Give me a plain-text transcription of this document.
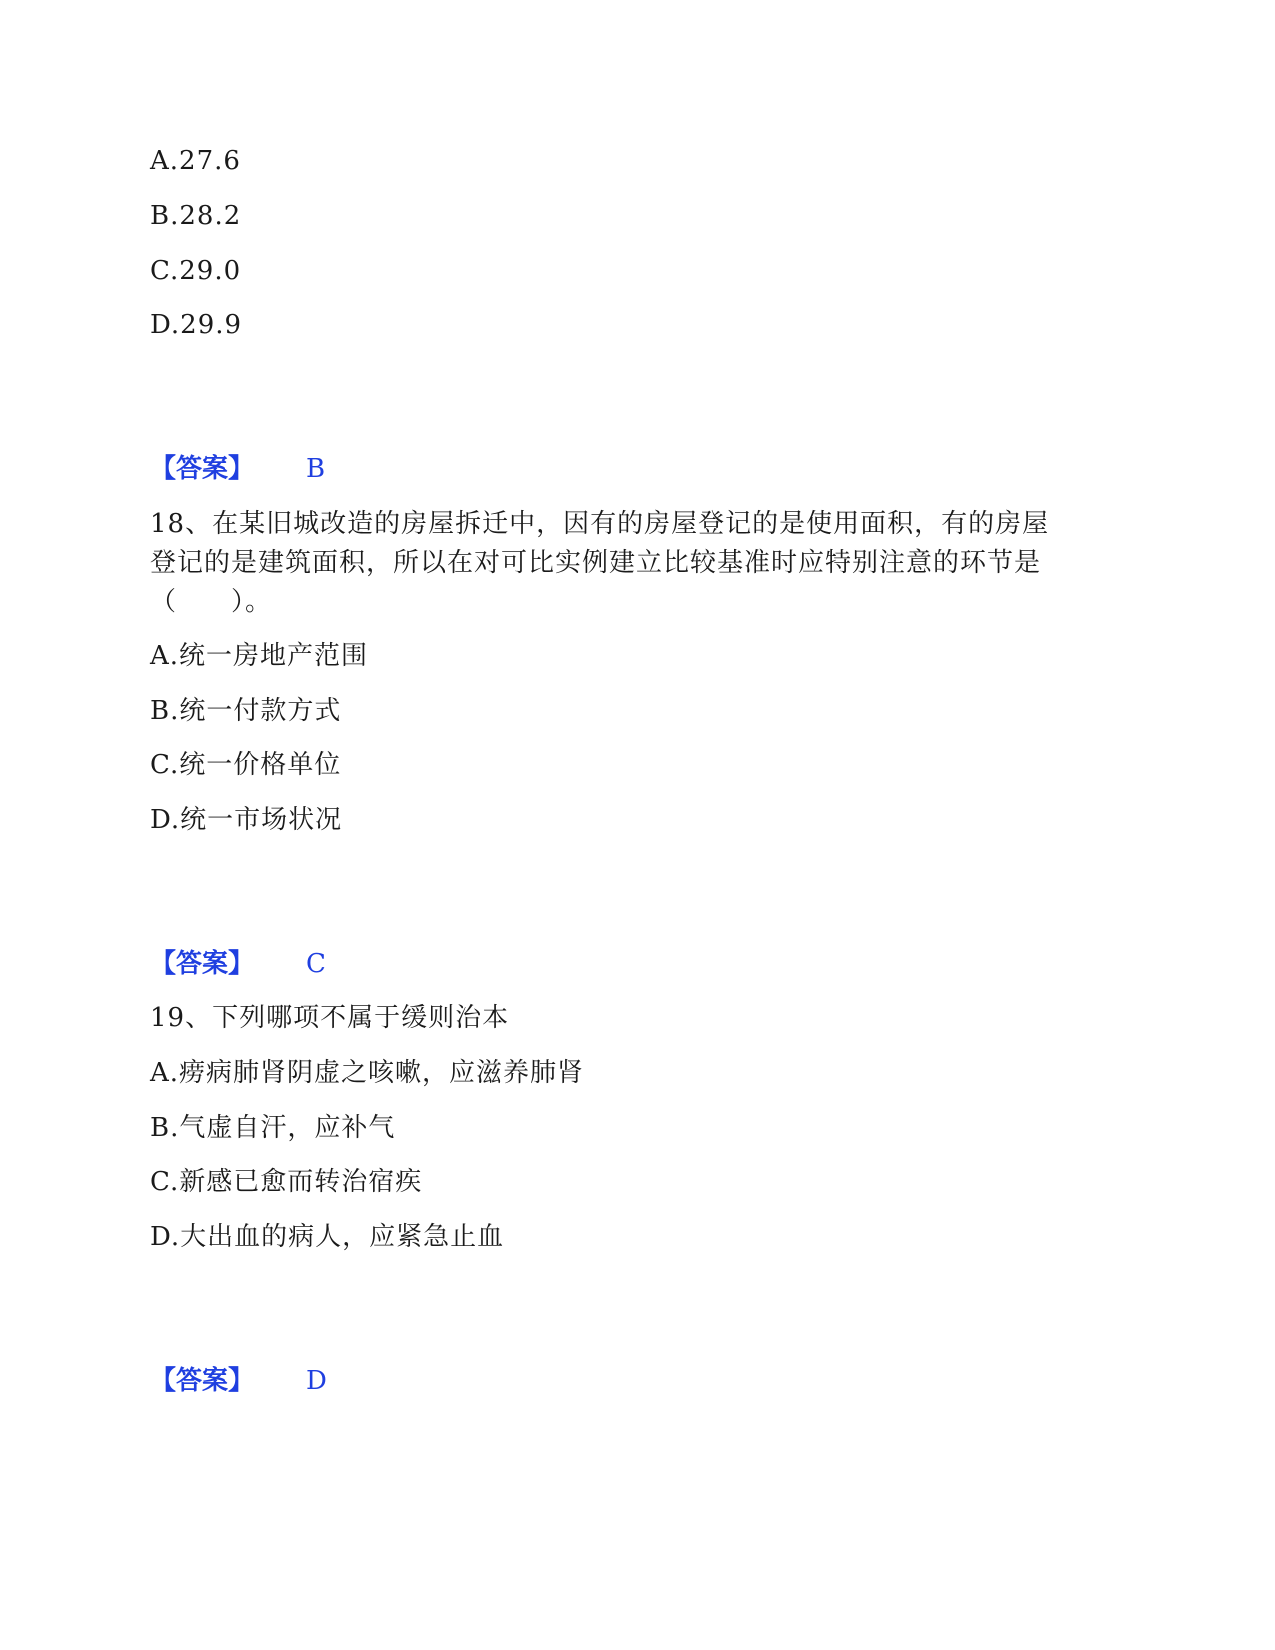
A.27.6
B.28.2
C.29.0
D.29.9
【答案】 B
18、在某旧城改造的房屋拆迁中，因有的房屋登记的是使用面积，有的房屋
登记的是建筑面积，所以在对可比实例建立比较基准时应特别注意的环节是
（　　）。
A.统一房地产范围
B.统一付款方式
C.统一价格单位
D.统一市场状况
【答案】 C
19、下列哪项不属于缓则治本
A.痨病肺肾阴虚之咳嗽，应滋养肺肾
B.气虚自汗，应补气
C.新感已愈而转治宿疾
D.大出血的病人，应紧急止血
【答案】 D
